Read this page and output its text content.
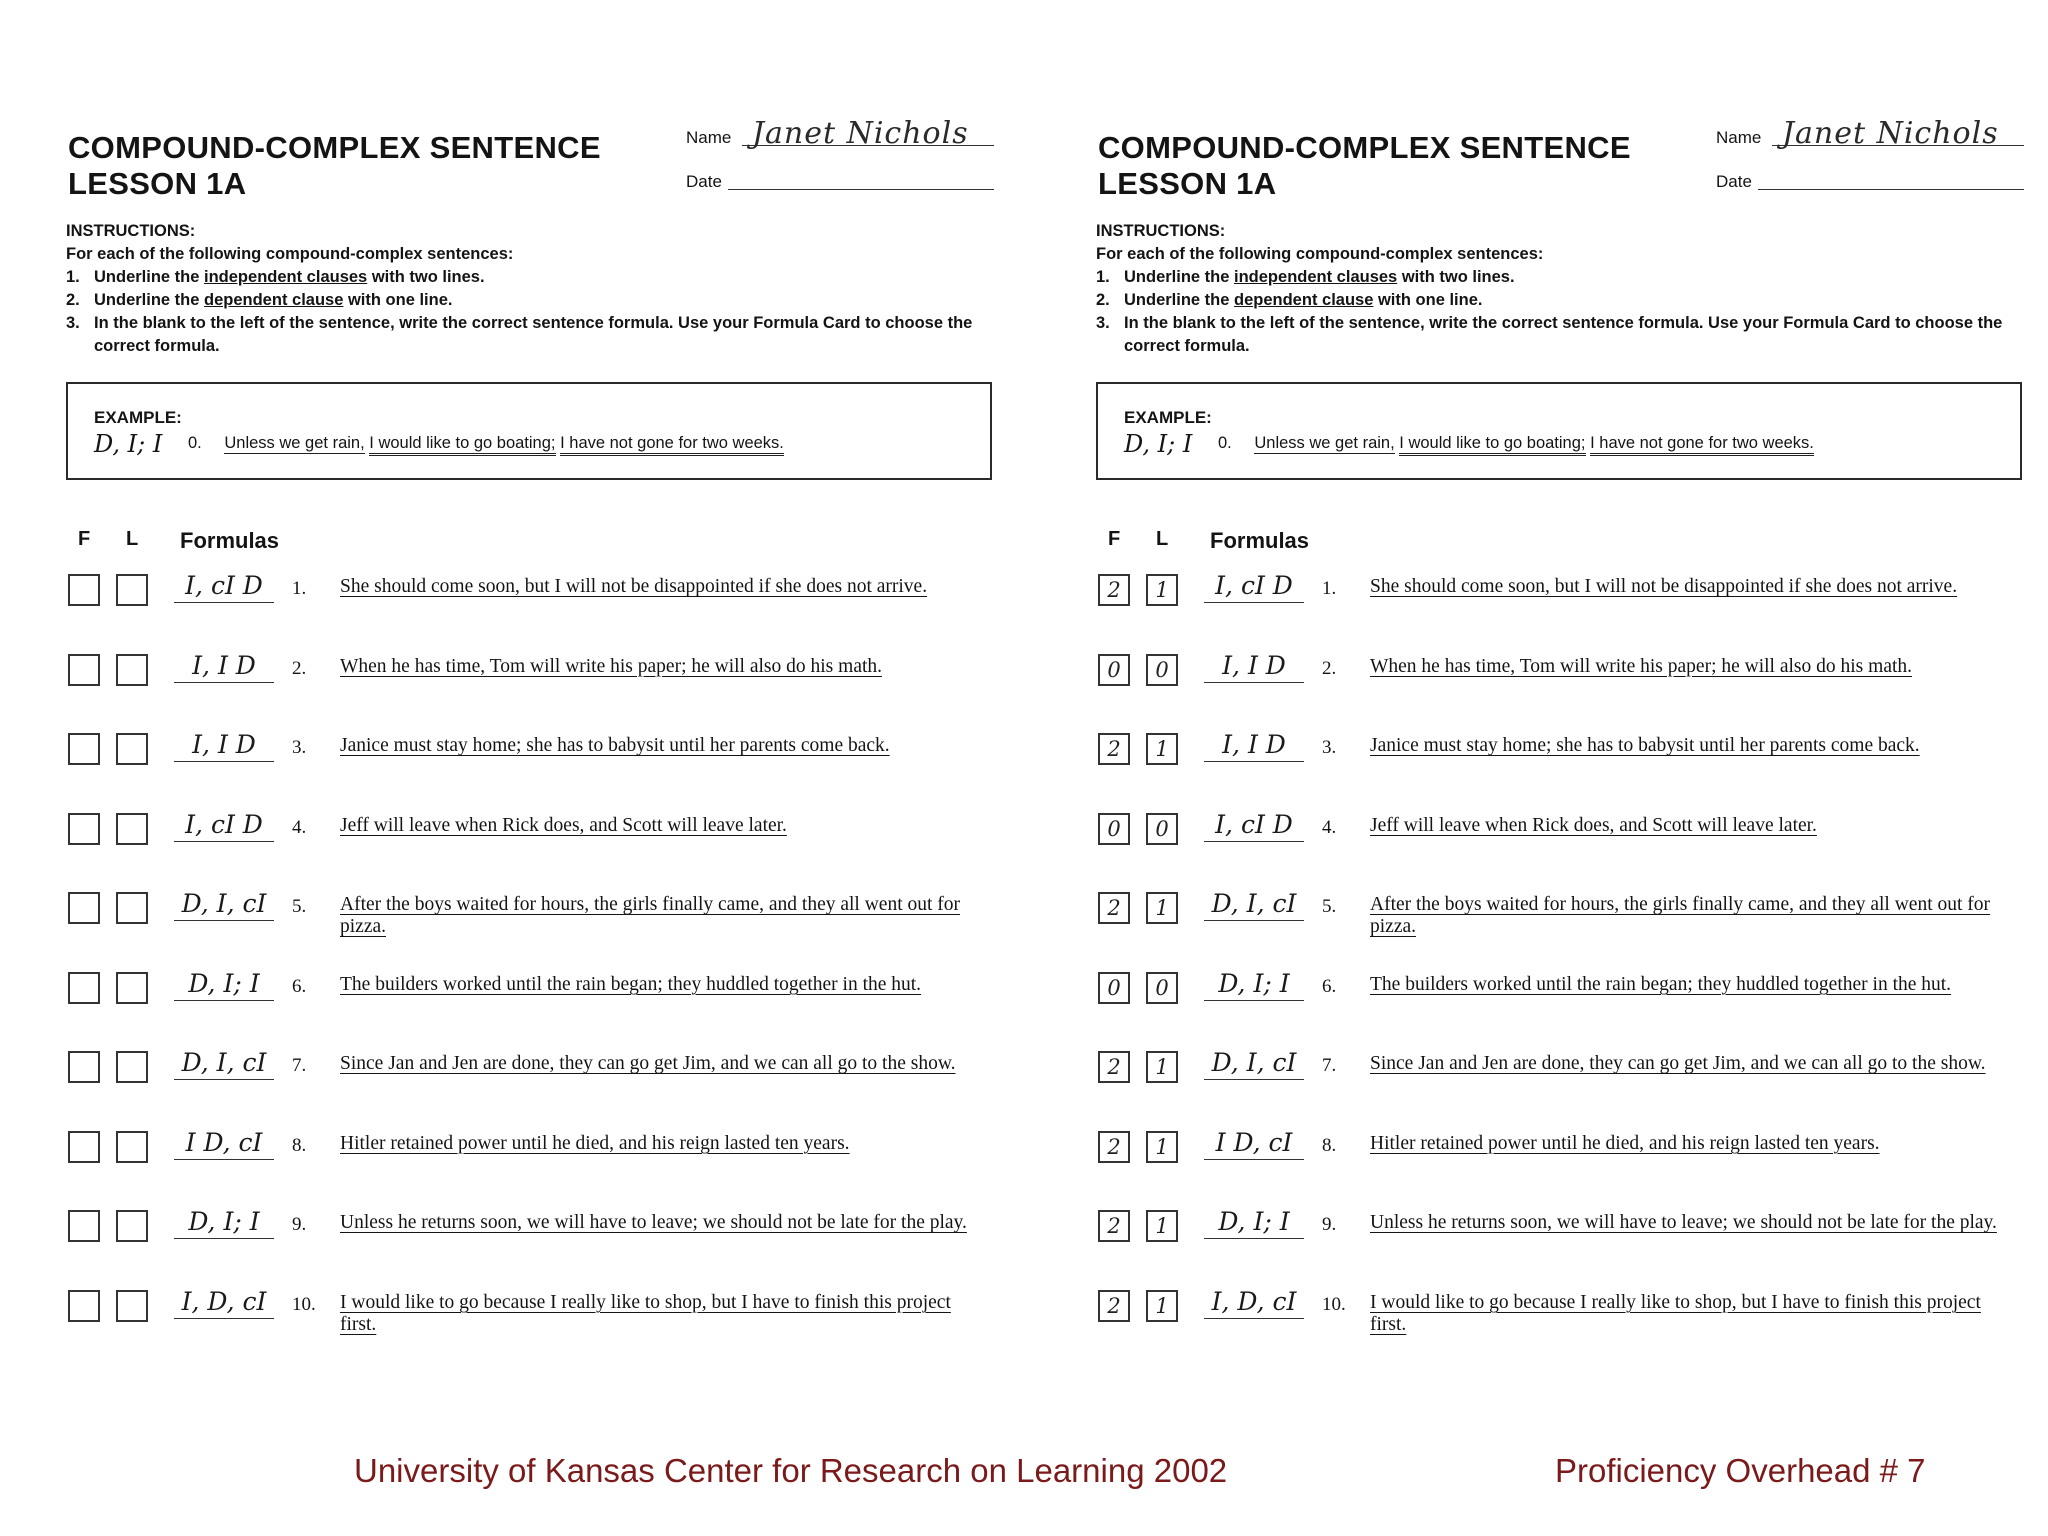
COMPOUND-COMPLEX SENTENCE
LESSON 1A
Name Janet Nichols
Date
INSTRUCTIONS:
For each of the following compound-complex sentences:
1. Underline the independent clauses with two lines.
2. Underline the dependent clause with one line.
3. In the blank to the left of the sentence, write the correct sentence formula. Use your Formula Card to choose the correct formula.
EXAMPLE:
D, I; I 0. Unless we get rain, I would like to go boating; I have not gone for two weeks.
F L Formulas
I, cI D	1. She should come soon, but I will not be disappointed if she does not arrive.
I, I D	2. When he has time, Tom will write his paper; he will also do his math.
I, I D	3. Janice must stay home; she has to babysit until her parents come back.
I, cI D	4. Jeff will leave when Rick does, and Scott will leave later.
D, I, cI	5. After the boys waited for hours, the girls finally came, and they all went out for pizza.
D, I; I	6. The builders worked until the rain began; they huddled together in the hut.
D, I, cI	7. Since Jan and Jen are done, they can go get Jim, and we can all go to the show.
I D, cI	8. Hitler retained power until he died, and his reign lasted ten years.
D, I; I	9. Unless he returns soon, we will have to leave; we should not be late for the play.
I, D, cI	10. I would like to go because I really like to shop, but I have to finish this project first.
COMPOUND-COMPLEX SENTENCE
LESSON 1A
Name Janet Nichols
Date
INSTRUCTIONS:
For each of the following compound-complex sentences:
1. Underline the independent clauses with two lines.
2. Underline the dependent clause with one line.
3. In the blank to the left of the sentence, write the correct sentence formula. Use your Formula Card to choose the correct formula.
EXAMPLE:
D, I; I 0. Unless we get rain, I would like to go boating; I have not gone for two weeks.
F L Formulas
2	1	I, cI D	1. She should come soon, but I will not be disappointed if she does not arrive.
0	0	I, I D	2. When he has time, Tom will write his paper; he will also do his math.
2	1	I, I D	3. Janice must stay home; she has to babysit until her parents come back.
0	0	I, cI D	4. Jeff will leave when Rick does, and Scott will leave later.
2	1	D, I, cI	5. After the boys waited for hours, the girls finally came, and they all went out for pizza.
0	0	D, I; I	6. The builders worked until the rain began; they huddled together in the hut.
2	1	D, I, cI	7. Since Jan and Jen are done, they can go get Jim, and we can all go to the show.
2	1	I D, cI	8. Hitler retained power until he died, and his reign lasted ten years.
2	1	D, I; I	9. Unless he returns soon, we will have to leave; we should not be late for the play.
2	1	I, D, cI	10. I would like to go because I really like to shop, but I have to finish this project first.
University of Kansas Center for Research on Learning 2002	Proficiency Overhead # 7
